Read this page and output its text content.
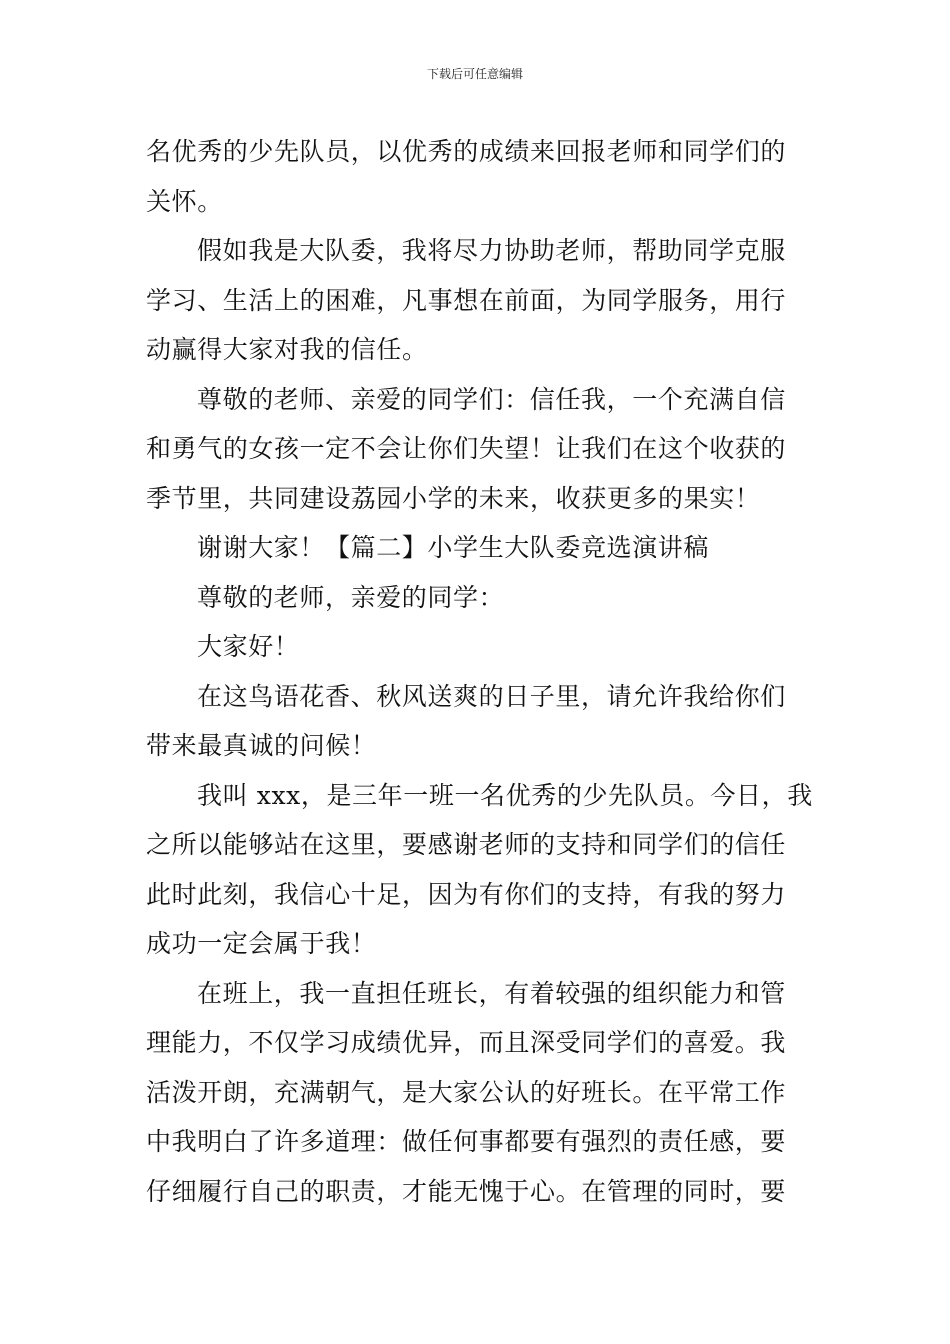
下载后可任意编辑
名优秀的少先队员，以优秀的成绩来回报老师和同学们的
关怀。
假如我是大队委，我将尽力协助老师，帮助同学克服
学习、生活上的困难，凡事想在前面，为同学服务，用行
动赢得大家对我的信任。
尊敬的老师、亲爱的同学们：信任我，一个充满自信
和勇气的女孩一定不会让你们失望！让我们在这个收获的
季节里，共同建设荔园小学的未来，收获更多的果实！
谢谢大家！【篇二】小学生大队委竞选演讲稿
尊敬的老师，亲爱的同学：
大家好！
在这鸟语花香、秋风送爽的日子里，请允许我给你们
带来最真诚的问候！
我叫 xxx，是三年一班一名优秀的少先队员。今日，我
之所以能够站在这里，要感谢老师的支持和同学们的信任
此时此刻，我信心十足，因为有你们的支持，有我的努力
成功一定会属于我！
在班上，我一直担任班长，有着较强的组织能力和管
理能力，不仅学习成绩优异，而且深受同学们的喜爱。我
活泼开朗，充满朝气，是大家公认的好班长。在平常工作
中我明白了许多道理：做任何事都要有强烈的责任感，要
仔细履行自己的职责，才能无愧于心。在管理的同时，要
